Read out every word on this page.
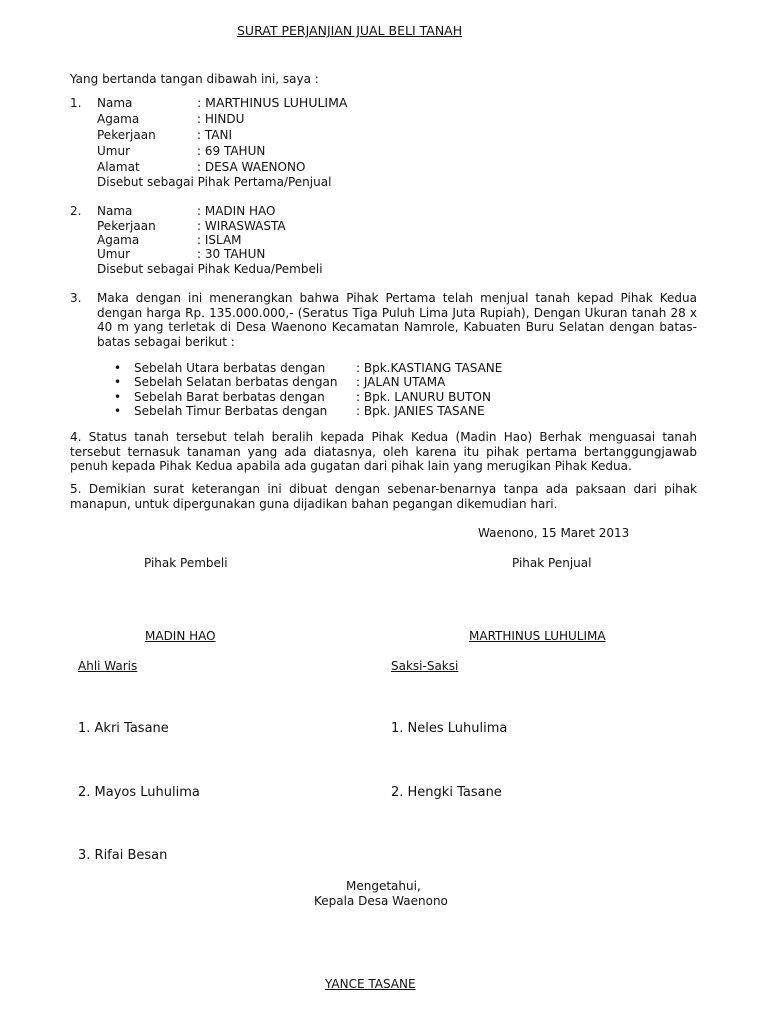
SURAT PERJANJIAN JUAL BELI TANAH
Yang bertanda tangan dibawah ini, saya :
1. Nama	: MARTHINUS LUHULIMA
Agama	: HINDU
Pekerjaan	: TANI
Umur	: 69 TAHUN
Alamat	: DESA WAENONO
Disebut sebagai Pihak Pertama/Penjual
2. Nama	: MADIN HAO
Pekerjaan	: WIRASWASTA
Agama	: ISLAM
Umur	: 30 TAHUN
Disebut sebagai Pihak Kedua/Pembeli
3. Maka dengan ini menerangkan bahwa Pihak Pertama telah menjual tanah kepad Pihak Kedua dengan harga Rp. 135.000.000,- (Seratus Tiga Puluh Lima Juta Rupiah), Dengan Ukuran tanah 28 x 40 m yang terletak di Desa Waenono Kecamatan Namrole, Kabuaten Buru Selatan dengan batas-batas sebagai berikut :
• Sebelah Utara berbatas dengan	: Bpk.KASTIANG TASANE
• Sebelah Selatan berbatas dengan : JALAN UTAMA
• Sebelah Barat berbatas dengan	: Bpk. LANURU BUTON
• Sebelah Timur Berbatas dengan : Bpk. JANIES TASANE
4. Status tanah tersebut telah beralih kepada Pihak Kedua (Madin Hao) Berhak menguasai tanah tersebut ternasuk tanaman yang ada diatasnya, oleh karena itu pihak pertama bertanggungjawab penuh kepada Pihak Kedua apabila ada gugatan dari pihak lain yang merugikan Pihak Kedua.
5. Demikian surat keterangan ini dibuat dengan sebenar-benarnya tanpa ada paksaan dari pihak manapun, untuk dipergunakan guna dijadikan bahan pegangan dikemudian hari.
Waenono, 15 Maret 2013
Pihak Pembeli	Pihak Penjual
MADIN HAO	MARTHINUS LUHULIMA
Ahli Waris	Saksi-Saksi
1. Akri Tasane	1. Neles Luhulima
2. Mayos Luhulima	2. Hengki Tasane
3. Rifai Besan
Mengetahui,
Kepala Desa Waenono
YANCE TASANE
